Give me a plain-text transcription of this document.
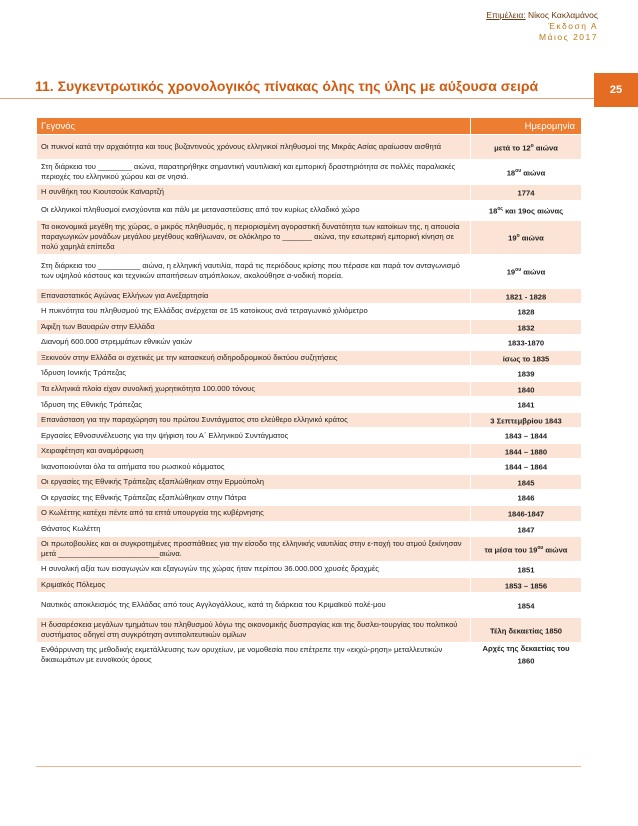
Επιμέλεια: Νίκος Κακλαμάνος
Έκδοση Α
Μάιος 2017
11. Συγκεντρωτικός χρονολογικός πίνακας όλης της ύλης με αύξουσα σειρά	25
Γεγονός	Ημερομηνία
Οι πυκνοί κατά την αρχαιότητα και τους βυζαντινούς χρόνους ελληνικοί πληθυσμοί της Μικράς Ασίας αραίωσαν αισθητά	μετά το $12^o$ αιώνα
Στη διάρκεια του ________ αιώνα, παρατηρήθηκε σημαντική ναυτιλιακή και εμπορική δραστηριότητα σε πολλές παραλιακές περιοχές του ελληνικού χώρου και σε νησιά.	$18^{o\upsilon}$ αιώνα
Η συνθήκη του Κιουτσούκ Καϊναρτζή	1774
Οι ελληνικοί πληθυσμοί ενισχύονται και πάλι με μεταναστεύσεις από τον κυρίως ελλαδικό χώρο	$18^{o\varsigma}$ και 19ος αιώνας
Τα οικονομικά μεγέθη της χώρας, ο μικρός πληθυσμός, η περιορισμένη αγοραστική δυνατότητα των κατοίκων της, η απουσία παραγωγικών μονάδων μεγάλου μεγέθους καθήλωναν, σε ολόκληρο το _______ αιώνα, την εσωτερική εμπορική κίνηση σε πολύ χαμηλά επίπεδα	$19^o$ αιώνα
Στη διάρκεια του __________ αιώνα, η ελληνική ναυτιλία, παρά τις περιόδους κρίσης που πέρασε και παρά τον ανταγωνισμό των υψηλού κόστους και τεχνικών απαιτήσεων ατμόπλοιων, ακολούθησε α-νοδική πορεία.	$19^{o\upsilon}$ αιώνα
Επαναστατικός Αγώνας Ελλήνων για Ανεξαρτησία	1821 - 1828
Η πυκνότητα του πληθυσμού της Ελλάδας ανέρχεται σε 15 κατοίκους ανά τετραγωνικό χιλιόμετρο	1828
Άφιξη των Βαυαρών στην Ελλάδα	1832
Διανομή 600.000 στρεμμάτων εθνικών γαιών	1833-1870
Ξεκινούν στην Ελλάδα οι σχετικές με την κατασκευή σιδηροδρομικού δικτύου συζητήσεις	ίσως το 1835
Ίδρυση Ιονικής Τράπεζας	1839
Τα ελληνικά πλοία είχαν συνολική χωρητικότητα 100.000 τόνους	1840
Ίδρυση της Εθνικής Τράπεζας	1841
Επανάσταση για την παραχώρηση του πρώτου Συντάγματος στο ελεύθερο ελληνικό κράτος	3 Σεπτεμβρίου 1843
Εργασίες Εθνοσυνέλευσης για την ψήφιση του Α΄ Ελληνικού Συντάγματος	1843 – 1844
Χειραφέτηση και αναμόρφωση	1844 – 1880
Ικανοποιούνται όλα τα αιτήματα του ρωσικού κόμματος	1844 – 1864
Οι εργασίες της Εθνικής Τράπεζας εξαπλώθηκαν στην Ερμούπολη	1845
Οι εργασίες της Εθνικής Τράπεζας εξαπλώθηκαν στην Πάτρα	1846
Ο Κωλέττης κατέχει πέντε από τα επτά υπουργεία της κυβέρνησης	1846-1847
Θάνατος Κωλέττη	1847
Οι πρωτοβουλίες και οι συγκροτημένες προσπάθειες για την είσοδο της ελληνικής ναυτιλίας στην ε-ποχή του ατμού ξεκίνησαν μετά ________________________αιώνα.	τα μέσα του $19^{o\upsilon}$ αιώνα
Η συνολική αξία των εισαγωγών και εξαγωγών της χώρας ήταν περίπου 36.000.000 χρυσές δραχμές	1851
Κριμαϊκός Πόλεμος	1853 – 1856
Ναυτικός αποκλεισμός της Ελλάδας από τους Αγγλογάλλους, κατά τη διάρκεια του Κριμαϊκού πολέ-μου	1854
Η δυσαρέσκεια μεγάλων τμημάτων του πληθυσμού λόγω της οικονομικής δυσπραγίας και της δυσλει-τουργίας του πολιτικού συστήματος οδηγεί στη συγκρότηση αντιπολιτευτικών ομίλων	Τέλη δεκαετίας 1850
Ενθάρρυνση της μεθοδικής εκμετάλλευσης των ορυχείων, με νομοθεσία που επέτρεπε την «εκχώ-ρηση» μεταλλευτικών δικαιωμάτων με ευνοϊκούς όρους	Αρχές της δεκαετίας του 1860
